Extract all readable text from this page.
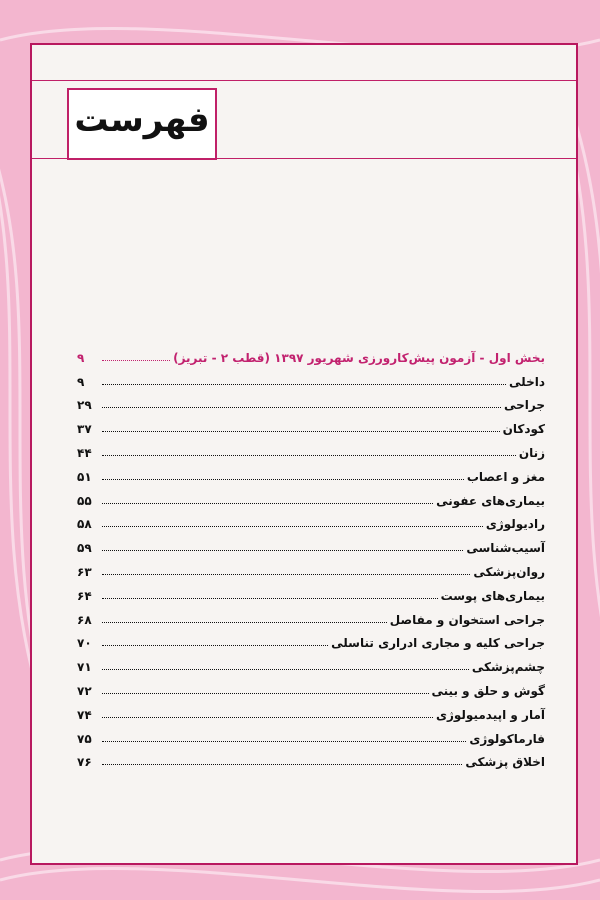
فهرست
بخش اول - آزمون پیش‌کارورزی شهریور ۱۳۹۷ (قطب ۲ - تبریز)
۹
داخلی
۹
جراحی
۲۹
کودکان
۳۷
زنان
۴۴
مغز و اعصاب
۵۱
بیماری‌های عفونی
۵۵
رادیولوژی
۵۸
آسیب‌شناسی
۵۹
روان‌پزشکی
۶۳
بیماری‌های پوست
۶۴
جراحی استخوان و مفاصل
۶۸
جراحی کلیه و مجاری ادراری تناسلی
۷۰
چشم‌پزشکی
۷۱
گوش و حلق و بینی
۷۲
آمار و اپیدمیولوژی
۷۴
فارماکولوژی
۷۵
اخلاق پزشکی
۷۶
